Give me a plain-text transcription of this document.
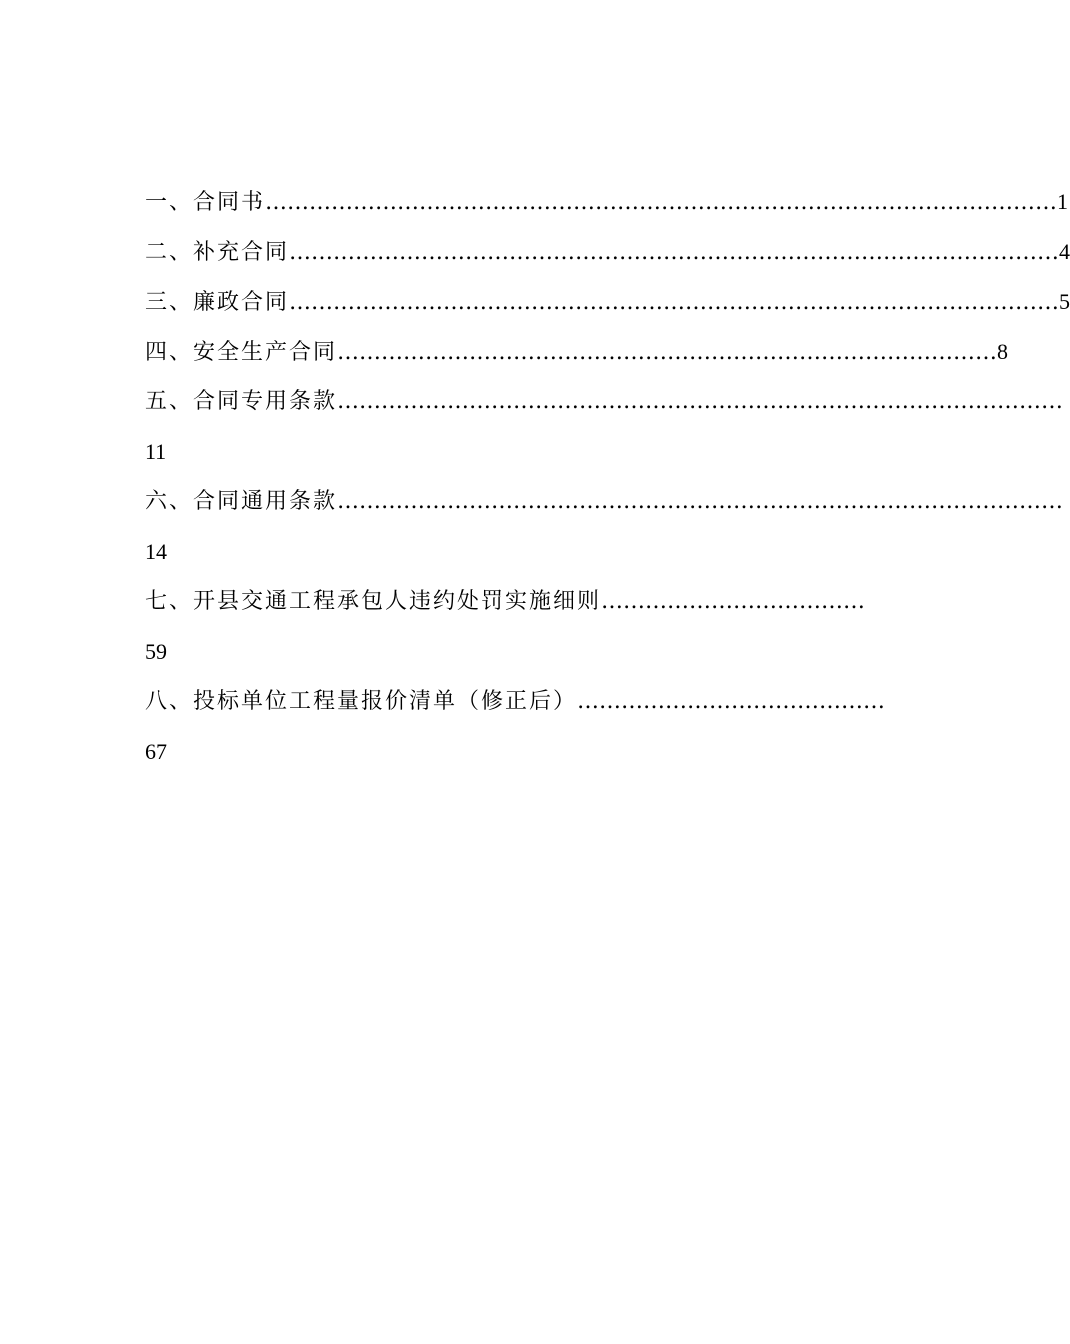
一、合同书………………………………………………………………………………………………1
二、补充合同……………………………………………………………………………………………4
三、廉政合同……………………………………………………………………………………………5
四、安全生产合同………………………………………………………………………………8
五、合同专用条款………………………………………………………………………………………
11
六、合同通用条款………………………………………………………………………………………
14
七、开县交通工程承包人违约处罚实施细则………………………………
59
八、投标单位工程量报价清单（修正后）……………………………………
67
